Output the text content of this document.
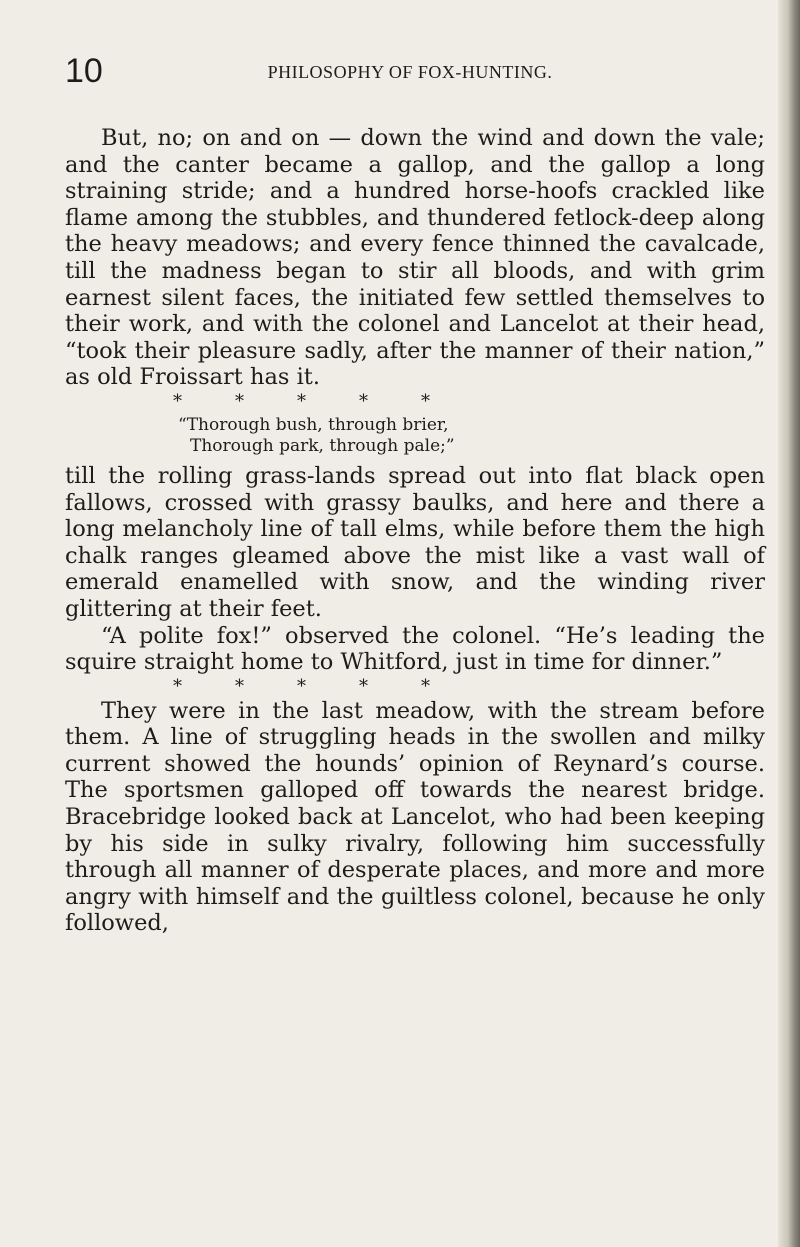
10	PHILOSOPHY OF FOX-HUNTING.

But, no; on and on — down the wind and down the vale; and the canter became a gallop, and the gallop a long straining stride; and a hundred horse-hoofs crackled like flame among the stubbles, and thundered fetlock-deep along the heavy meadows; and every fence thinned the cavalcade, till the madness began to stir all bloods, and with grim earnest silent faces, the initiated few settled themselves to their work, and with the colonel and Lancelot at their head, “took their pleasure sadly, after the manner of their nation,” as old Froissart has it.

*	*	*	*	*

“Thorough bush, through brier,

Thorough park, through pale;”

till the rolling grass-lands spread out into flat black open fallows, crossed with grassy baulks, and here and there a long melancholy line of tall elms, while before them the high chalk ranges gleamed above the mist like a vast wall of emerald enamelled with snow, and the winding river glittering at their feet.

“A polite fox!” observed the colonel. “He’s leading the squire straight home to Whitford, just in time for dinner.”

*	*	*	*	*

They were in the last meadow, with the stream before them. A line of struggling heads in the swollen and milky current showed the hounds’ opinion of Reynard’s course. The sportsmen galloped off towards the nearest bridge. Bracebridge looked back at Lancelot, who had been keeping by his side in sulky rivalry, following him successfully through all manner of desperate places, and more and more angry with himself and the guiltless colonel, because he only followed,
